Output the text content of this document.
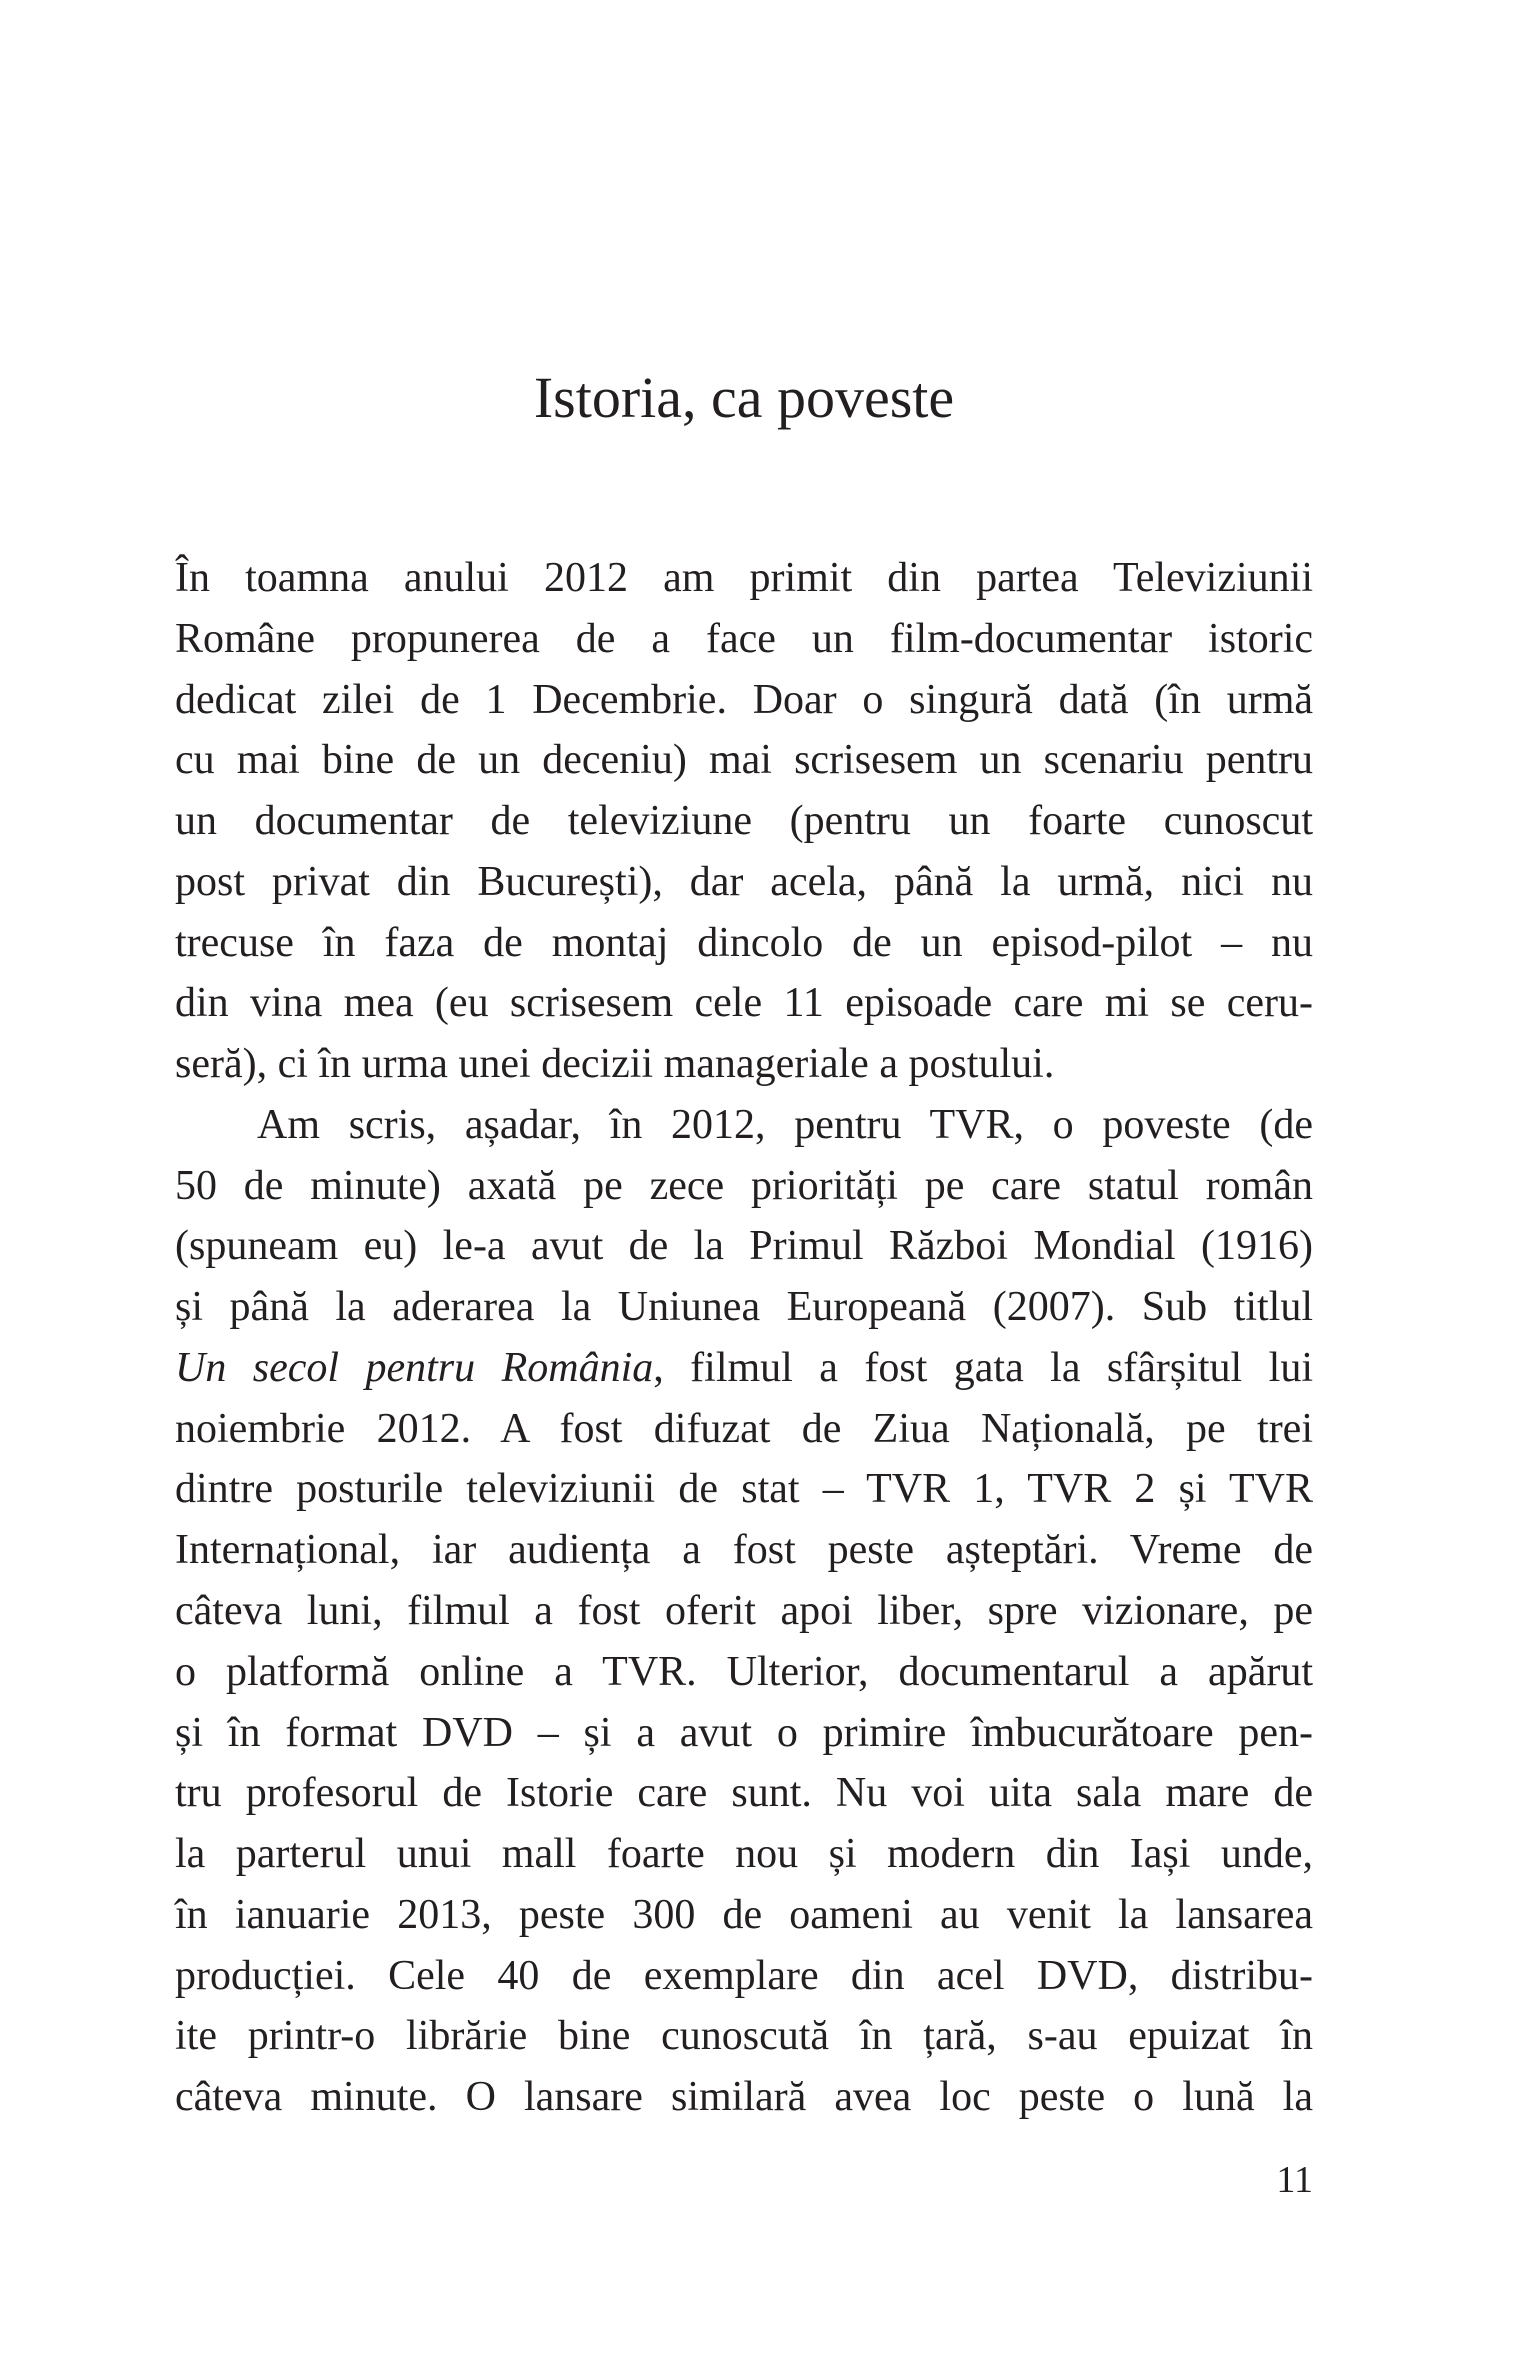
Istoria, ca poveste
În toamna anului 2012 am primit din partea Televiziunii
Române propunerea de a face un film-documentar istoric
dedicat zilei de 1 Decembrie. Doar o singură dată (în urmă
cu mai bine de un deceniu) mai scrisesem un scenariu pentru
un documentar de televiziune (pentru un foarte cunoscut
post privat din București), dar acela, până la urmă, nici nu
trecuse în faza de montaj dincolo de un episod-pilot – nu
din vina mea (eu scrisesem cele 11 episoade care mi se ceru-
seră), ci în urma unei decizii manageriale a postului.
Am scris, așadar, în 2012, pentru TVR, o poveste (de
50 de minute) axată pe zece priorități pe care statul român
(spuneam eu) le-a avut de la Primul Război Mondial (1916)
și până la aderarea la Uniunea Europeană (2007). Sub titlul
Un secol pentru România, filmul a fost gata la sfârșitul lui
noiembrie 2012. A fost difuzat de Ziua Națională, pe trei
dintre posturile televiziunii de stat – TVR 1, TVR 2 și TVR
Internațional, iar audiența a fost peste așteptări. Vreme de
câteva luni, filmul a fost oferit apoi liber, spre vizionare, pe
o platformă online a TVR. Ulterior, documentarul a apărut
și în format DVD – și a avut o primire îmbucurătoare pen-
tru profesorul de Istorie care sunt. Nu voi uita sala mare de
la parterul unui mall foarte nou și modern din Iași unde,
în ianuarie 2013, peste 300 de oameni au venit la lansarea
producției. Cele 40 de exemplare din acel DVD, distribu-
ite printr-o librărie bine cunoscută în țară, s-au epuizat în
câteva minute. O lansare similară avea loc peste o lună la
11
